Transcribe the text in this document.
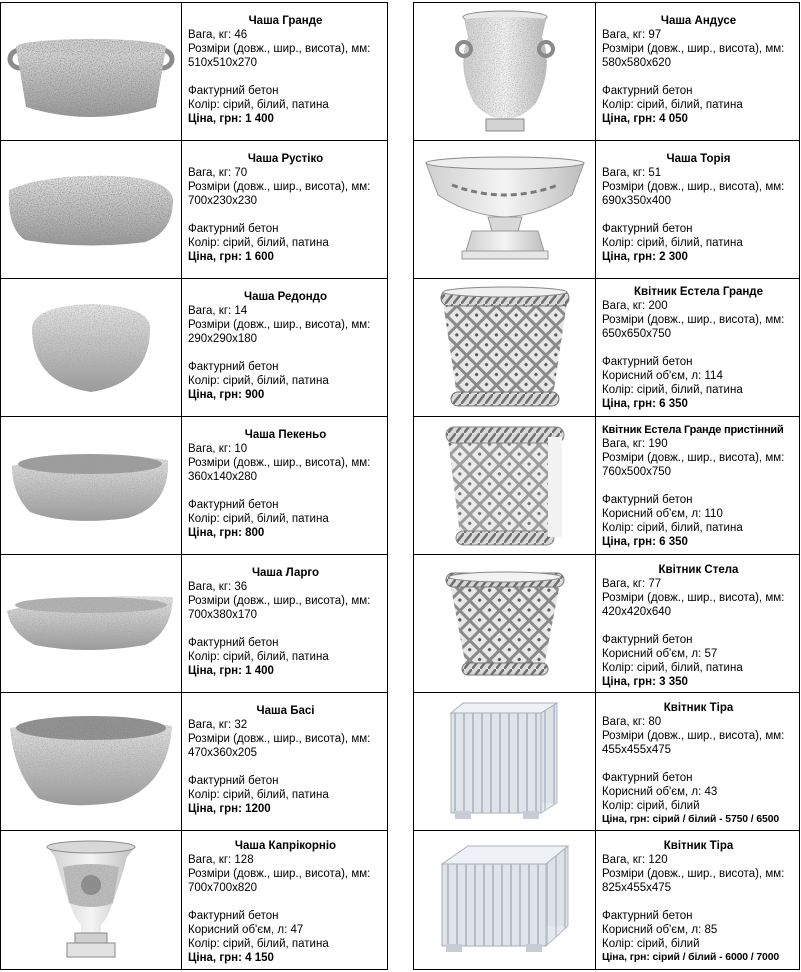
Чаша Гранде
Вага, кг: 46
Розміри (довж., шир., висота), мм:
510x510x270
Фактурний бетон
Колір: сірий, білий, патина
Ціна, грн: 1 400
Чаша Рустіко
Вага, кг: 70
Розміри (довж., шир., висота), мм:
700x230x230
Фактурний бетон
Колір: сірий, білий, патина
Ціна, грн: 1 600
Чаша Редондо
Вага, кг: 14
Розміри (довж., шир., висота), мм:
290x290x180
Фактурний бетон
Колір: сірий, білий, патина
Ціна, грн: 900
Чаша Пекеньо
Вага, кг: 10
Розміри (довж., шир., висота), мм:
360x140x280
Фактурний бетон
Колір: сірий, білий, патина
Ціна, грн: 800
Чаша Ларго
Вага, кг: 36
Розміри (довж., шир., висота), мм:
700x380x170
Фактурний бетон
Колір: сірий, білий, патина
Ціна, грн: 1 400
Чаша Басі
Вага, кг: 32
Розміри (довж., шир., висота), мм:
470x360x205
Фактурний бетон
Колір: сірий, білий, патина
Ціна, грн: 1200
Чаша Капрікорніо
Вага, кг: 128
Розміри (довж., шир., висота), мм:
700x700x820
Фактурний бетон
Корисний об'єм, л: 47
Колір: сірий, білий, патина
Ціна, грн: 4 150
Чаша Андусе
Вага, кг: 97
Розміри (довж., шир., висота), мм:
580x580x620
Фактурний бетон
Колір: сірий, білий, патина
Ціна, грн: 4 050
Чаша Торія
Вага, кг: 51
Розміри (довж., шир., висота), мм:
690x350x400
Фактурний бетон
Колір: сірий, білий, патина
Ціна, грн: 2 300
Квітник Естела Гранде
Вага, кг: 200
Розміри (довж., шир., висота), мм:
650x650x750
Фактурний бетон
Корисний об'єм, л: 114
Колір: сірий, білий, патина
Ціна, грн: 6 350
Квітник Естела Гранде пристінний
Вага, кг: 190
Розміри (довж., шир., висота), мм:
760x500x750
Фактурний бетон
Корисний об'єм, л: 110
Колір: сірий, білий, патина
Ціна, грн: 6 350
Квітник Стела
Вага, кг: 77
Розміри (довж., шир., висота), мм:
420x420x640
Фактурний бетон
Корисний об'єм, л: 57
Колір: сірий, білий, патина
Ціна, грн: 3 350
Квітник Тіра
Вага, кг: 80
Розміри (довж., шир., висота), мм:
455x455x475
Фактурний бетон
Корисний об'єм, л: 43
Колір: сірий, білий
Ціна, грн: сірий / білий - 5750 / 6500
Квітник Тіра
Вага, кг: 120
Розміри (довж., шир., висота), мм:
825x455x475
Фактурний бетон
Корисний об'єм, л: 85
Колір: сірий, білий
Ціна, грн: сірий / білий - 6000 / 7000
